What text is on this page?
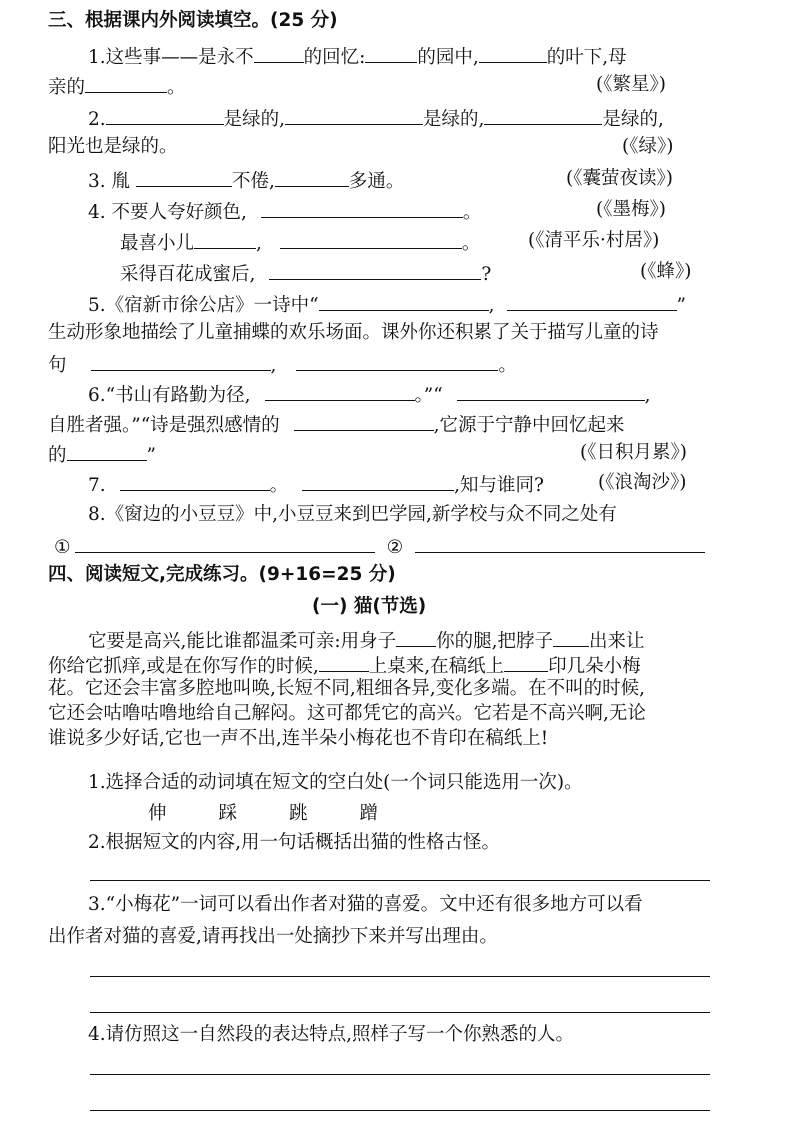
三、根据课内外阅读填空。(25 分)
1.这些事——是永不	的回忆:	的园中,	的叶下,母
亲的	。	(《繁星》)
2.	是绿的,	是绿的,	是绿的,
阳光也是绿的。	(《绿》)
3. 胤	不倦,	多通。	(《囊萤夜读》)
4. 不要人夸好颜色,	。	(《墨梅》)
最喜小儿	,	。	(《清平乐·村居》)
采得百花成蜜后,	?	(《蜂》)
5.《宿新市徐公店》一诗中“	,	”
生动形象地描绘了儿童捕蝶的欢乐场面。课外你还积累了关于描写儿童的诗
句	,	。
6.“书山有路勤为径,	。”“	,
自胜者强。”“诗是强烈感情的	,它源于宁静中回忆起来
的	”	(《日积月累》)
7.	。	,知与谁同?	(《浪淘沙》)
8.《窗边的小豆豆》中,小豆豆来到巴学园,新学校与众不同之处有
①	②
四、阅读短文,完成练习。(9+16=25 分)
(一) 猫(节选)
它要是高兴,能比谁都温柔可亲:用身子 你的腿,把脖子 出来让
你给它抓痒,或是在你写作的时候,	上桌来,在稿纸上 印几朵小梅
花。它还会丰富多腔地叫唤,长短不同,粗细各异,变化多端。在不叫的时候,
它还会咕噜咕噜地给自己解闷。这可都凭它的高兴。它若是不高兴啊,无论
谁说多少好话,它也一声不出,连半朵小梅花也不肯印在稿纸上!
1.选择合适的动词填在短文的空白处(一个词只能选用一次)。
伸	踩	跳	蹭
2.根据短文的内容,用一句话概括出猫的性格古怪。
3.“小梅花”一词可以看出作者对猫的喜爱。文中还有很多地方可以看
出作者对猫的喜爱,请再找出一处摘抄下来并写出理由。
4.请仿照这一自然段的表达特点,照样子写一个你熟悉的人。
